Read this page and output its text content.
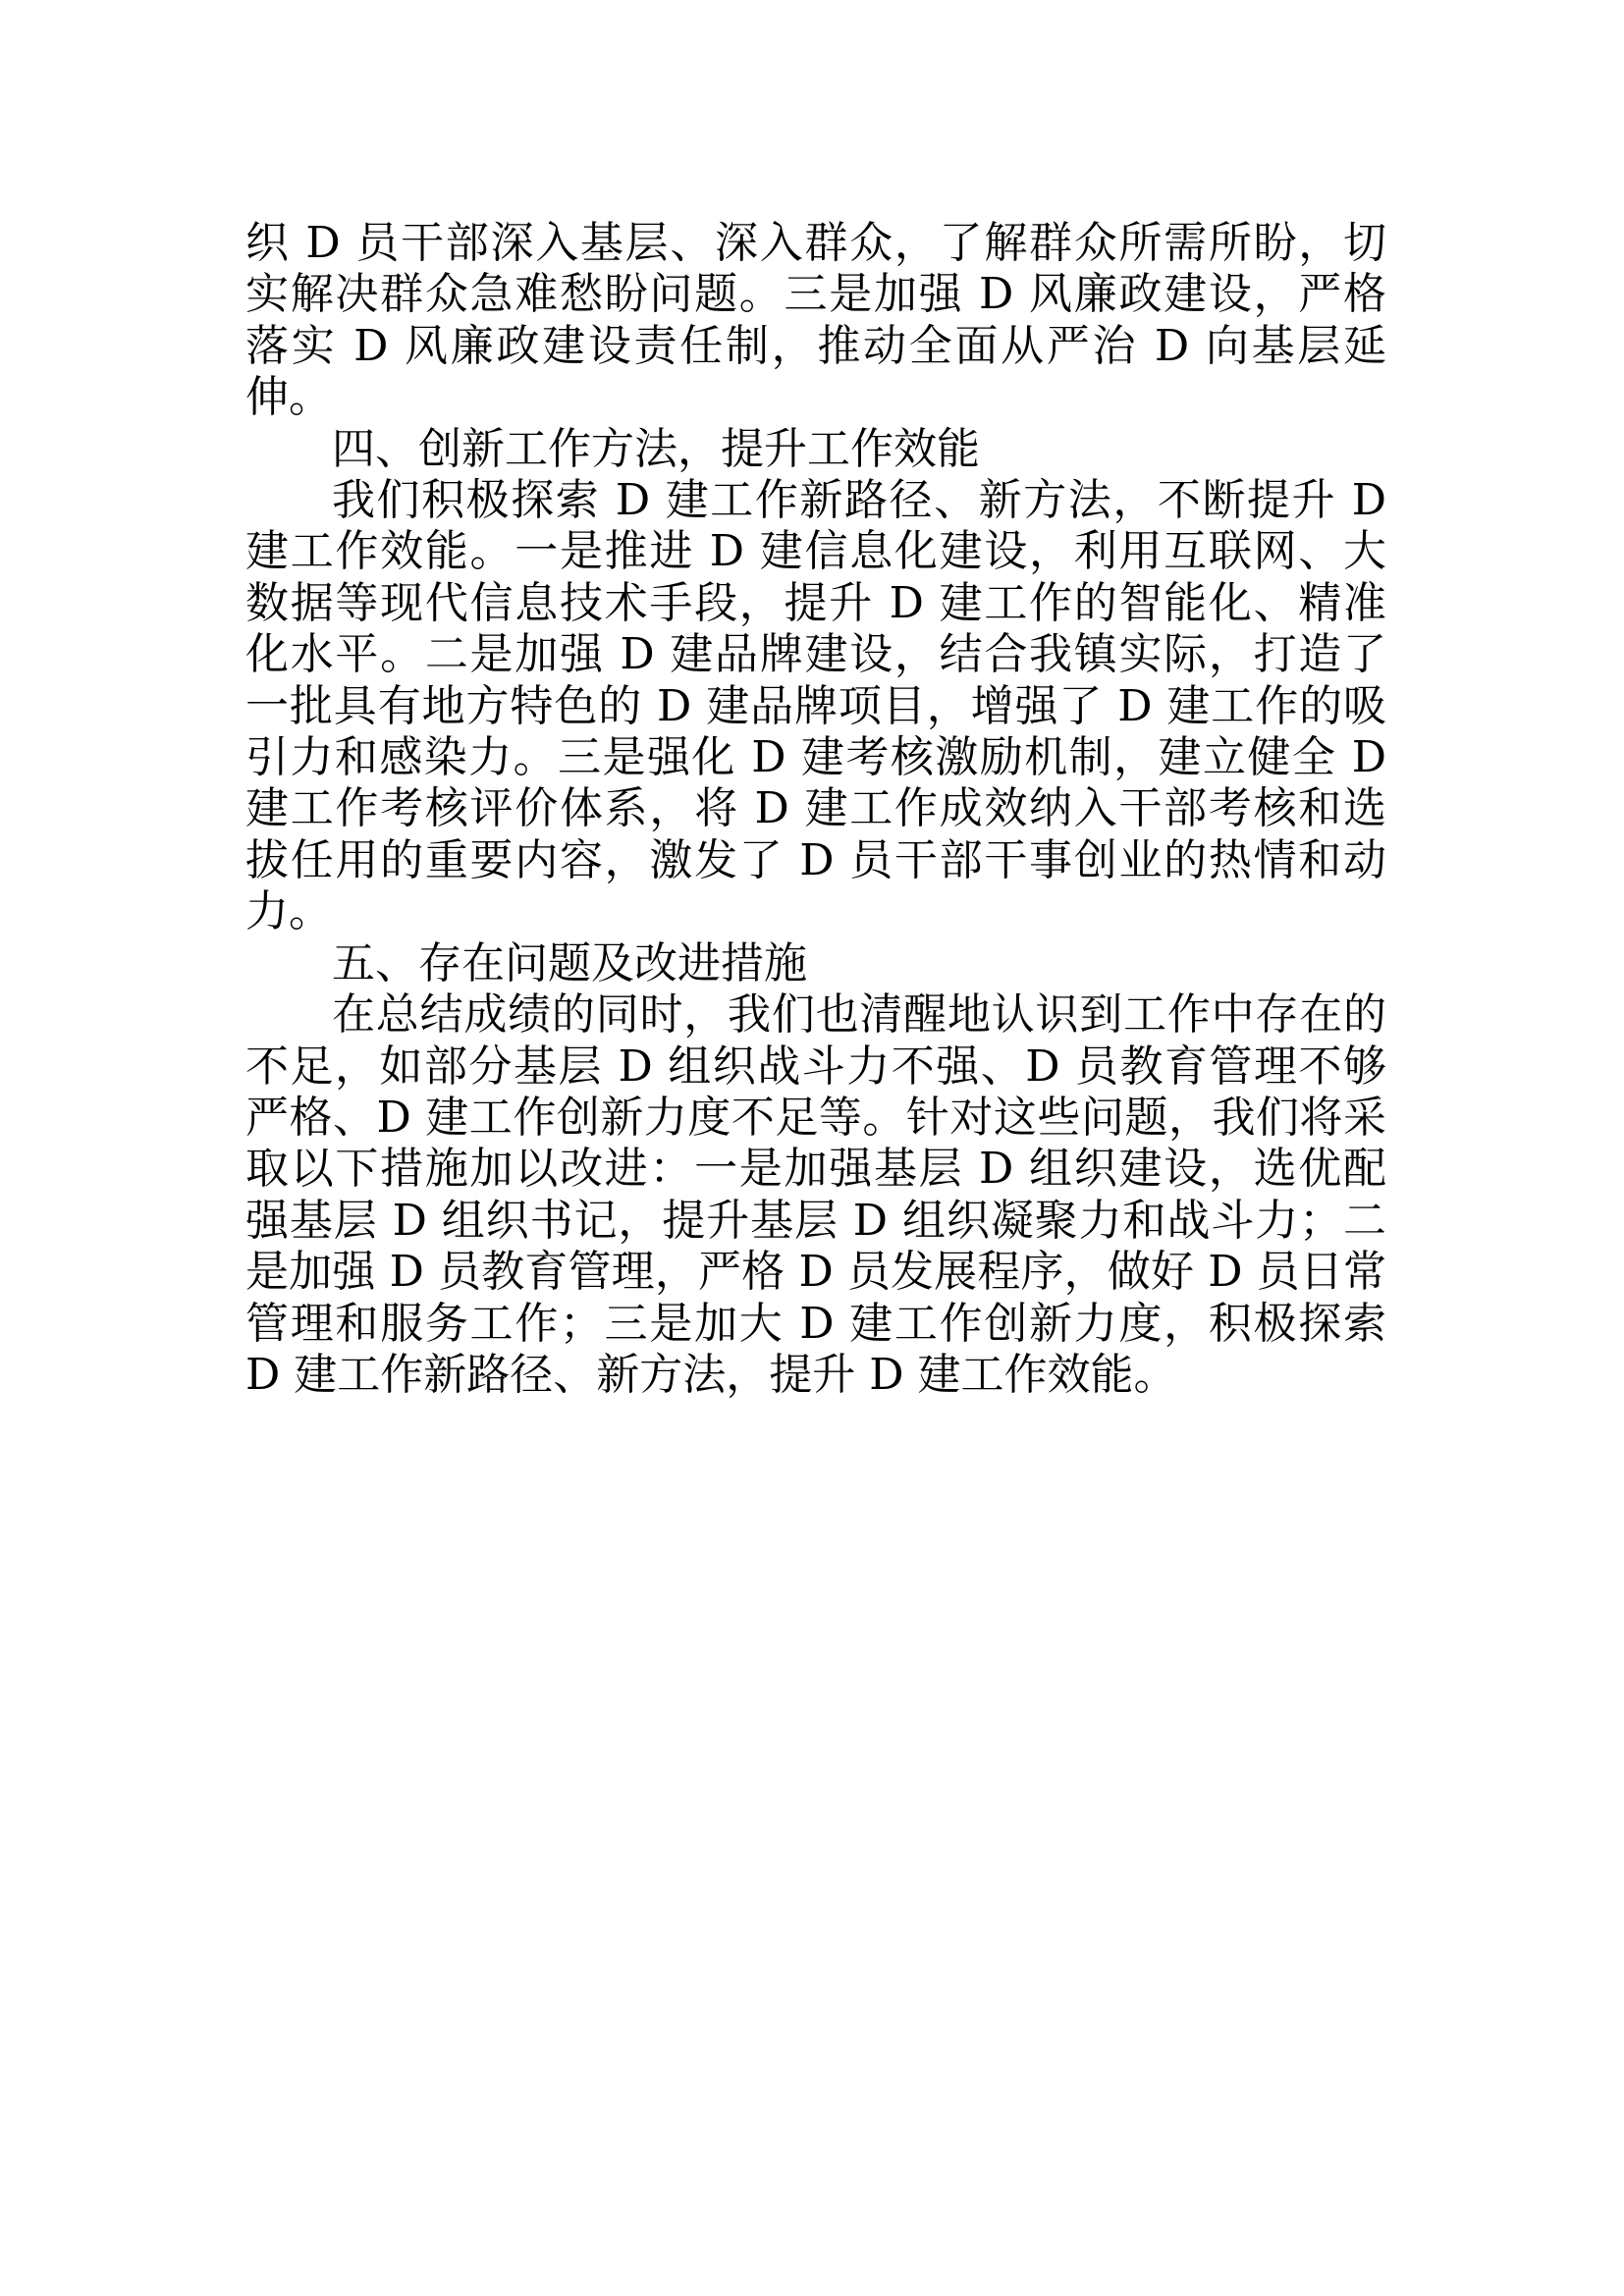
织 D 员干部深入基层、深入群众，了解群众所需所盼，切实解决群众急难愁盼问题。三是加强 D 风廉政建设，严格落实 D 风廉政建设责任制，推动全面从严治 D 向基层延伸。

四、创新工作方法，提升工作效能

我们积极探索 D 建工作新路径、新方法，不断提升 D 建工作效能。一是推进 D 建信息化建设，利用互联网、大数据等现代信息技术手段，提升 D 建工作的智能化、精准化水平。二是加强 D 建品牌建设，结合我镇实际，打造了一批具有地方特色的 D 建品牌项目，增强了 D 建工作的吸引力和感染力。三是强化 D 建考核激励机制，建立健全 D 建工作考核评价体系，将 D 建工作成效纳入干部考核和选拔任用的重要内容，激发了 D 员干部干事创业的热情和动力。

五、存在问题及改进措施

在总结成绩的同时，我们也清醒地认识到工作中存在的不足，如部分基层 D 组织战斗力不强、D 员教育管理不够严格、D 建工作创新力度不足等。针对这些问题，我们将采取以下措施加以改进：一是加强基层 D 组织建设，选优配强基层 D 组织书记，提升基层 D 组织凝聚力和战斗力；二是加强 D 员教育管理，严格 D 员发展程序，做好 D 员日常管理和服务工作；三是加大 D 建工作创新力度，积极探索 D 建工作新路径、新方法，提升 D 建工作效能。
